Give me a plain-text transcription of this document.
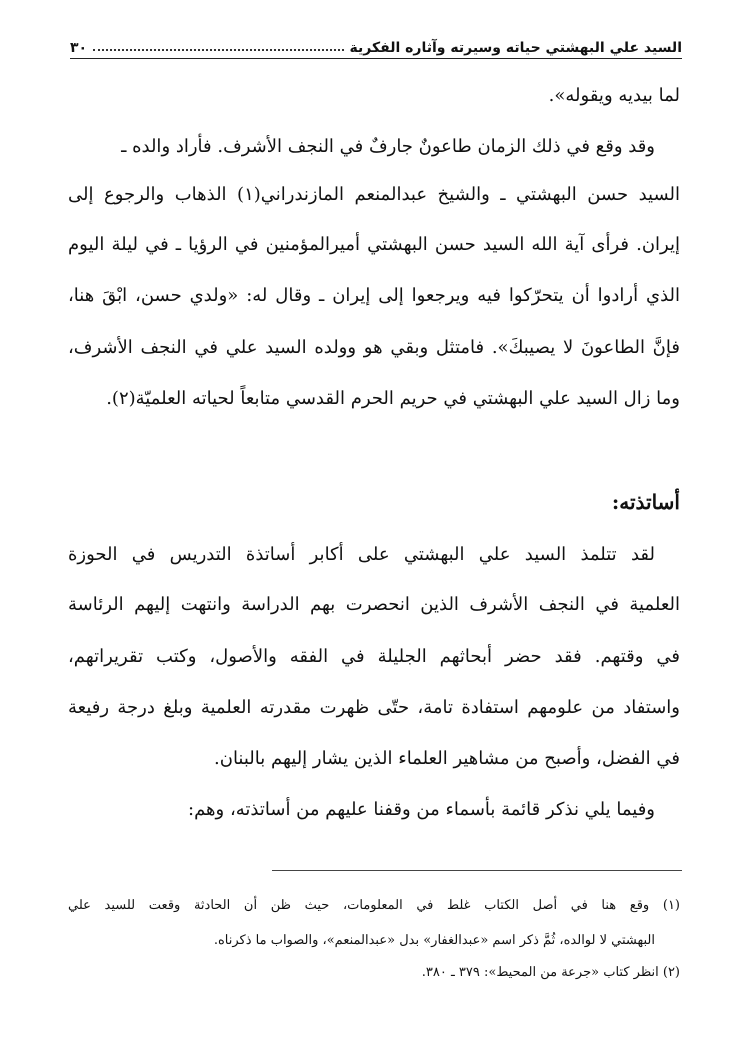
السيد علي البهشتي حياته وسيرته وآثاره الفكرية
٣٠
لما بيديه ويقوله».
وقد وقع في ذلك الزمان طاعونٌ جارفٌ في النجف الأشرف. فأراد والده ـ
السيد حسن البهشتي ـ والشيخ عبدالمنعم المازندراني(١) الذهاب والرجوع إلى
إيران. فرأى آية الله السيد حسن البهشتي أميرالمؤمنين في الرؤيا ـ في ليلة اليوم
الذي أرادوا أن يتحرّكوا فيه ويرجعوا إلى إيران ـ وقال له: «ولدي حسن، ابْقَ هنا،
فإنَّ الطاعونَ لا يصيبكَ». فامتثل وبقي هو وولده السيد علي في النجف الأشرف،
وما زال السيد علي البهشتي في حريم الحرم القدسي متابعاً لحياته العلميّة(٢).
أساتذته:
لقد تتلمذ السيد علي البهشتي على أكابر أساتذة التدريس في الحوزة
العلمية في النجف الأشرف الذين انحصرت بهم الدراسة وانتهت إليهم الرئاسة
في وقتهم. فقد حضر أبحاثهم الجليلة في الفقه والأصول، وكتب تقريراتهم،
واستفاد من علومهم استفادة تامة، حتّى ظهرت مقدرته العلمية وبلغ درجة رفيعة
في الفضل، وأصبح من مشاهير العلماء الذين يشار إليهم بالبنان.
وفيما يلي نذكر قائمة بأسماء من وقفنا عليهم من أساتذته، وهم:
(١) وقع هنا في أصل الكتاب غلط في المعلومات، حيث ظن أن الحادثة وقعت للسيد علي
البهشتي لا لوالده، ثُمَّ ذكر اسم «عبدالغفار» بدل «عبدالمنعم»، والصواب ما ذكرناه.
(٢) انظر كتاب «جرعة من المحيط»: ٣٧٩ ـ ٣٨٠.
